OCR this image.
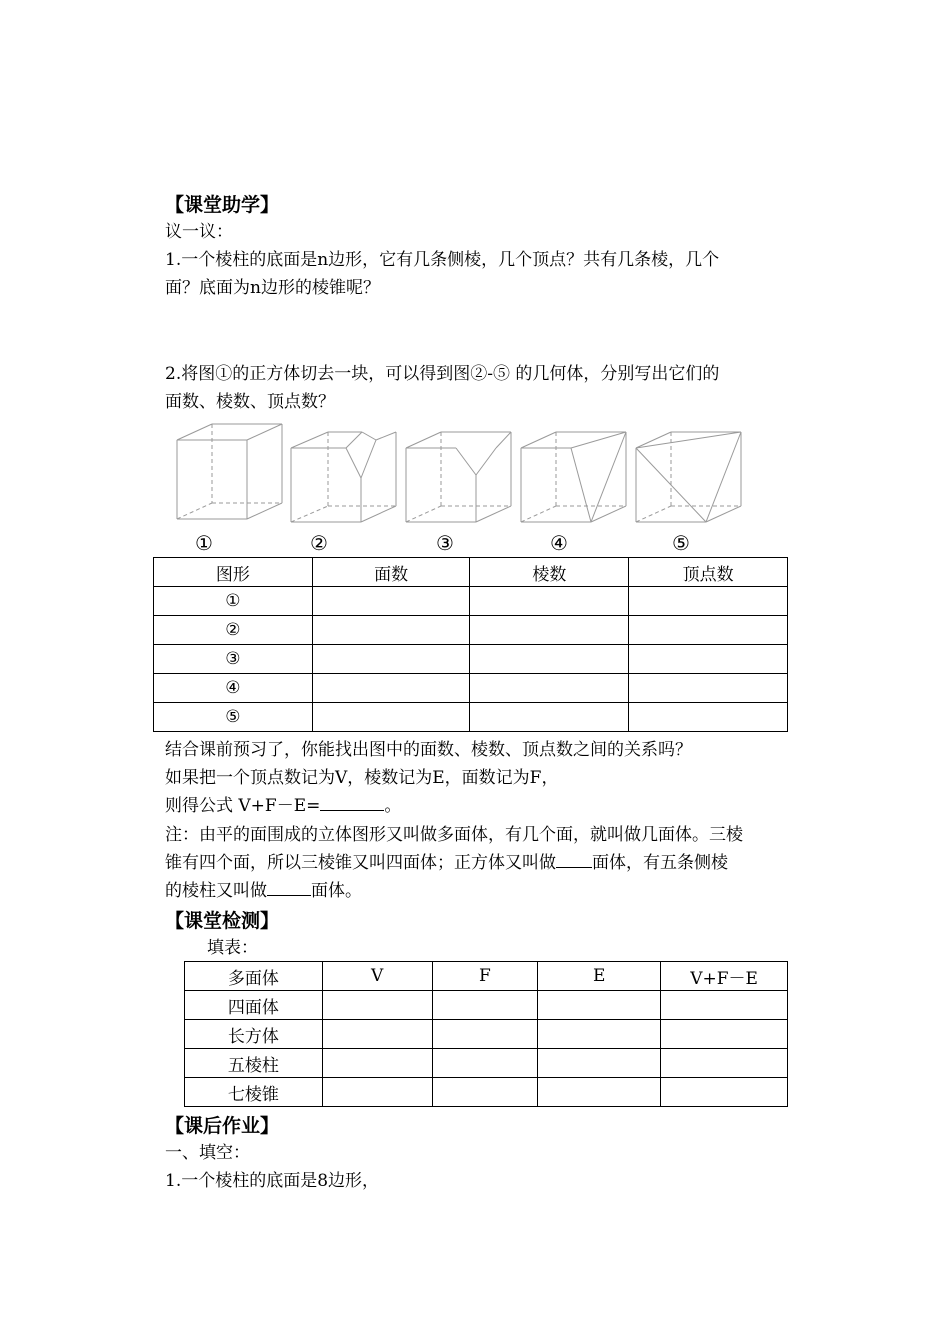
【课堂助学】
议一议：
1.一个棱柱的底面是n边形，它有几条侧棱，几个顶点？共有几条棱，几个
面？底面为n边形的棱锥呢？
2.将图①的正方体切去一块，可以得到图②-⑤ 的几何体，分别写出它们的
面数、棱数、顶点数？
①	②	③	④	⑤
图形	面数	棱数	顶点数
①			
②			
③			
④			
⑤			
结合课前预习了，你能找出图中的面数、棱数、顶点数之间的关系吗？
如果把一个顶点数记为V，棱数记为E，面数记为F，
则得公式 V+F－E=	。
注：由平的面围成的立体图形又叫做多面体，有几个面，就叫做几面体。三棱
锥有四个面，所以三棱锥又叫四面体；正方体又叫做 面体，有五条侧棱
的棱柱又叫做	面体。
【课堂检测】
填表：
多面体	V	F	E	V+F－E
四面体				
长方体				
五棱柱				
七棱锥				
【课后作业】
一、填空：
1.一个棱柱的底面是8边形，
